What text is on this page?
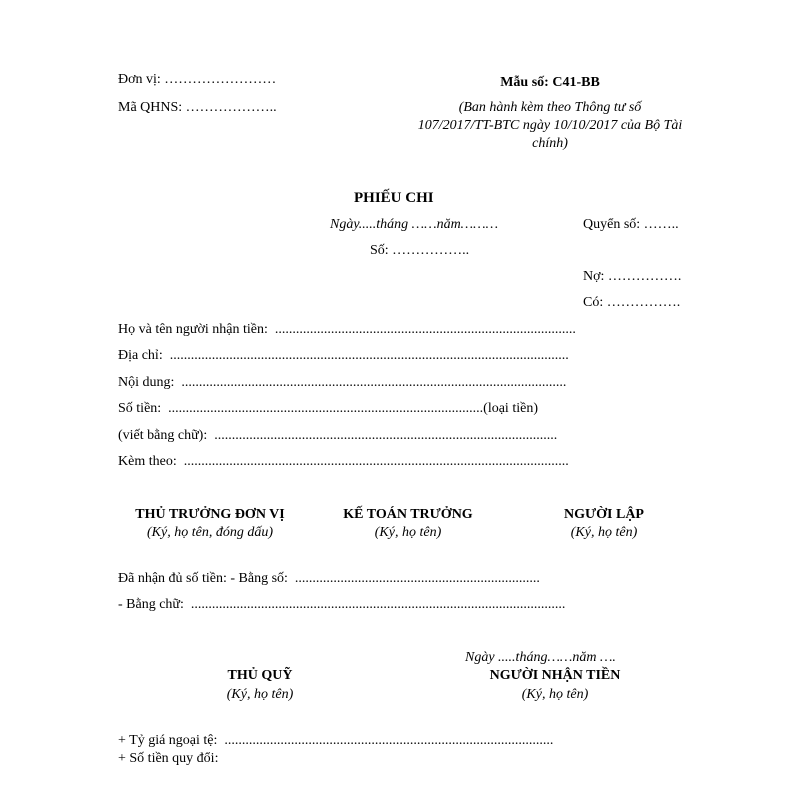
Đơn vị: ……………………
Mã QHNS: ………………..
Mẫu số: C41-BB
(Ban hành kèm theo Thông tư số
107/2017/TT-BTC ngày 10/10/2017 của Bộ Tài
chính)
PHIẾU CHI
Ngày.....tháng ……năm………	Quyển số: ……..
Số: ……………..
Nợ: …………….
Có: …………….
Họ và tên người nhận tiền:  ......................................................................................
Địa chỉ:  ..................................................................................................................
Nội dung:  ..............................................................................................................
Số tiền:  ..........................................................................................(loại tiền)
(viết bằng chữ):  ..................................................................................................
Kèm theo:  ..............................................................................................................
THỦ TRƯỞNG ĐƠN VỊ
(Ký, họ tên, đóng dấu)
KẾ TOÁN TRƯỞNG
(Ký, họ tên)
NGƯỜI LẬP
(Ký, họ tên)
Đã nhận đủ số tiền: - Bằng số:  ......................................................................
- Bằng chữ:  ...........................................................................................................
Ngày .....tháng……năm ….
THỦ QUỸ
(Ký, họ tên)
NGƯỜI NHẬN TIỀN
(Ký, họ tên)
+ Tỷ giá ngoại tệ:  ..............................................................................................
+ Số tiền quy đổi:
